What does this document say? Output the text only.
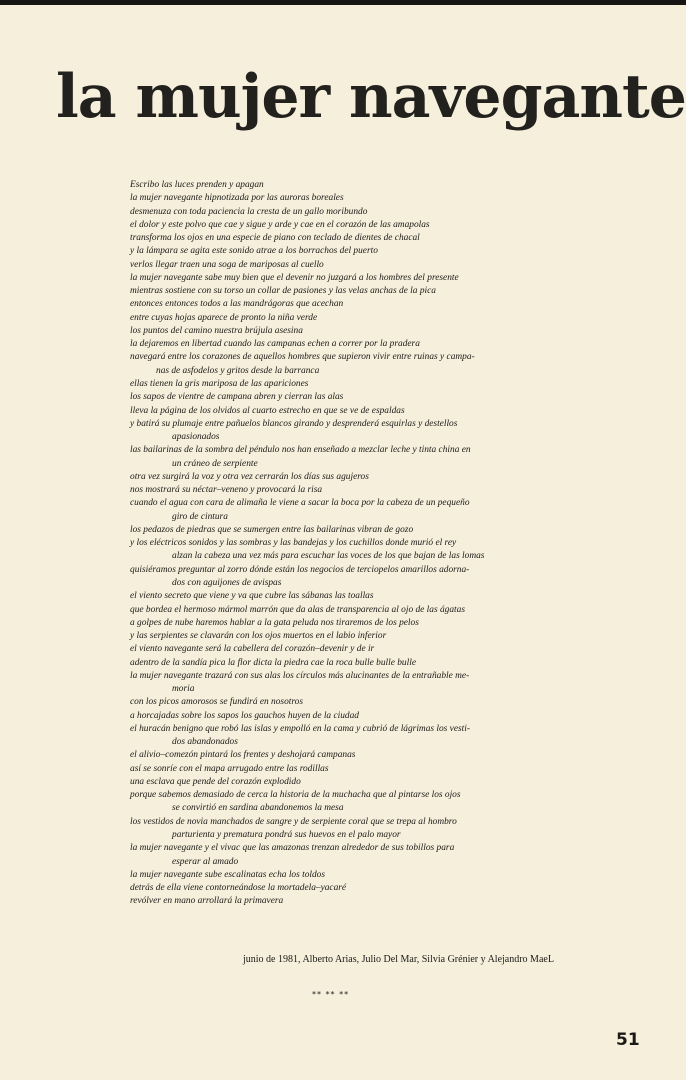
la mujer navegante
Escribo las luces prenden y apagan
la mujer navegante hipnotizada por las auroras boreales
desmenuza con toda paciencia la cresta de un gallo moribundo
el dolor y este polvo que cae y sigue y arde y cae en el corazón de las amapolas
transforma los ojos en una especie de piano con teclado de dientes de chacal
y la lámpara se agita este sonido atrae a los borrachos del puerto
verlos llegar traen una soga de mariposas al cuello
la mujer navegante sabe muy bien que el devenir no juzgará a los hombres del presente
mientras sostiene con su torso un collar de pasiones y las velas anchas de la pica
entonces entonces todos a las mandrágoras que acechan
entre cuyas hojas aparece de pronto la niña verde
los puntos del camino nuestra brújula asesina
la dejaremos en libertad cuando las campanas echen a correr por la pradera
navegará entre los corazones de aquellos hombres que supieron vivir entre ruinas y campa-
nas de asfodelos y gritos desde la barranca
ellas tienen la gris mariposa de las apariciones
los sapos de vientre de campana abren y cierran las alas
lleva la página de los olvidos al cuarto estrecho en que se ve de espaldas
y batirá su plumaje entre pañuelos blancos girando y desprenderá esquirlas y destellos
apasionados
las bailarinas de la sombra del péndulo nos han enseñado a mezclar leche y tinta china en
un cráneo de serpiente
otra vez surgirá la voz y otra vez cerrarán los días sus agujeros
nos mostrará su néctar–veneno y provocará la risa
cuando el agua con cara de alimaña le viene a sacar la boca por la cabeza de un pequeño
giro de cintura
los pedazos de piedras que se sumergen entre las bailarinas vibran de gozo
y los eléctricos sonidos y las sombras y las bandejas y los cuchillos donde murió el rey
alzan la cabeza una vez más para escuchar las voces de los que bajan de las lomas
quisiéramos preguntar al zorro dónde están los negocios de terciopelos amarillos adorna-
dos con aguijones de avispas
el viento secreto que viene y va que cubre las sábanas las toallas
que bordea el hermoso mármol marrón que da alas de transparencia al ojo de las ágatas
a golpes de nube haremos hablar a la gata peluda nos tiraremos de los pelos
y las serpientes se clavarán con los ojos muertos en el labio inferior
el viento navegante será la cabellera del corazón–devenir y de ir
adentro de la sandía pica la flor dicta la piedra cae la roca bulle bulle bulle
la mujer navegante trazará con sus alas los círculos más alucinantes de la entrañable me-
moria
con los picos amorosos se fundirá en nosotros
a horcajadas sobre los sapos los gauchos huyen de la ciudad
el huracán benigno que robó las islas y empolló en la cama y cubrió de lágrimas los vesti-
dos abandonados
el alivio–comezón pintará los frentes y deshojará campanas
así se sonríe con el mapa arrugado entre las rodillas
una esclava que pende del corazón explodido
porque sabemos demasiado de cerca la historia de la muchacha que al pintarse los ojos
se convirtió en sardina abandonemos la mesa
los vestidos de novia manchados de sangre y de serpiente coral que se trepa al hombro
parturienta y prematura pondrá sus huevos en el palo mayor
la mujer navegante y el vivac que las amazonas trenzan alrededor de sus tobillos para
esperar al amado
la mujer navegante sube escalinatas echa los toldos
detrás de ella viene contorneándose la mortadela–yacaré
revólver en mano arrollará la primavera
junio de 1981, Alberto Arias, Julio Del Mar, Silvia Grénier y Alejandro MaeL
** ** **
51
